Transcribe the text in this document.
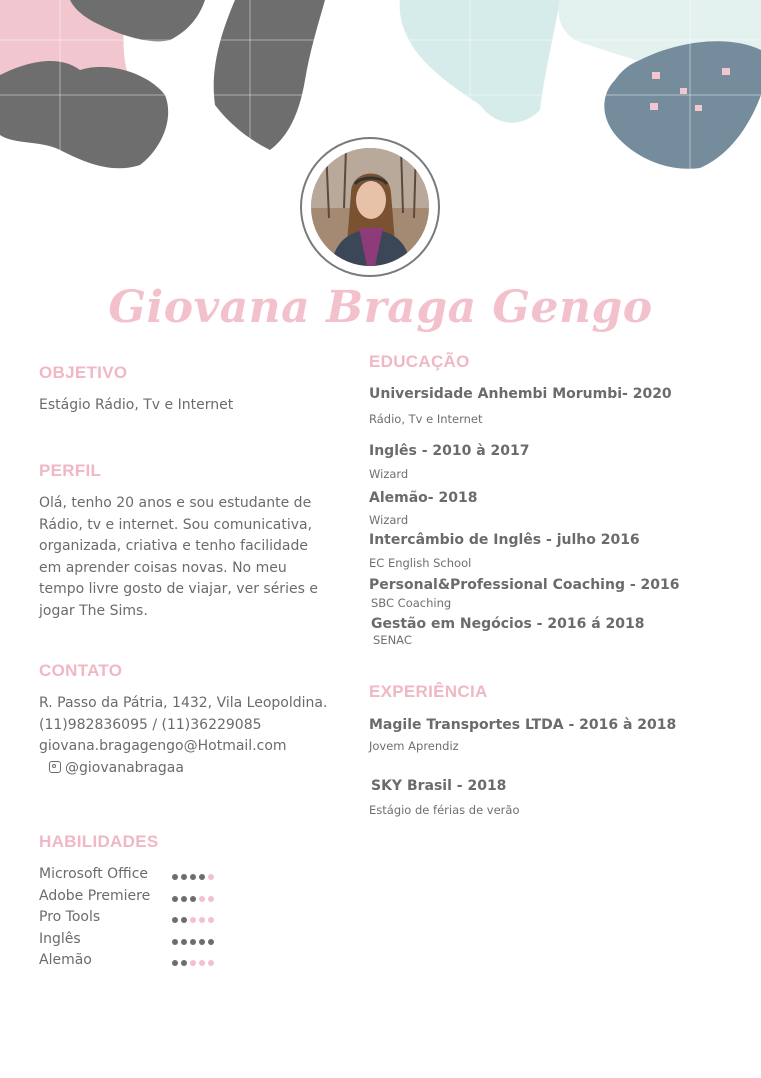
Giovana Braga Gengo
OBJETIVO
Estágio Rádio, Tv e Internet
PERFIL
Olá, tenho 20 anos e sou estudante de
Rádio, tv e internet. Sou comunicativa,
organizada, criativa e tenho facilidade
em aprender coisas novas. No meu
tempo livre gosto de viajar, ver séries e
jogar The Sims.
CONTATO
R. Passo da Pátria, 1432, Vila Leopoldina.
(11)982836095 / (11)36229085
giovana.bragagengo@Hotmail.com
@giovanabragaa
HABILIDADES
Microsoft Office
Adobe Premiere
Pro Tools
Inglês
Alemão
EDUCAÇÃO
Universidade Anhembi Morumbi- 2020
Rádio, Tv e Internet
Inglês - 2010 à 2017
Wizard
Alemão- 2018
Wizard
Intercâmbio de Inglês - julho 2016
EC English School
Personal&Professional Coaching - 2016
SBC Coaching
Gestão em Negócios - 2016 á 2018
SENAC
EXPERIÊNCIA
Magile Transportes LTDA - 2016 à 2018
Jovem Aprendiz
SKY Brasil - 2018
Estágio de férias de verão
